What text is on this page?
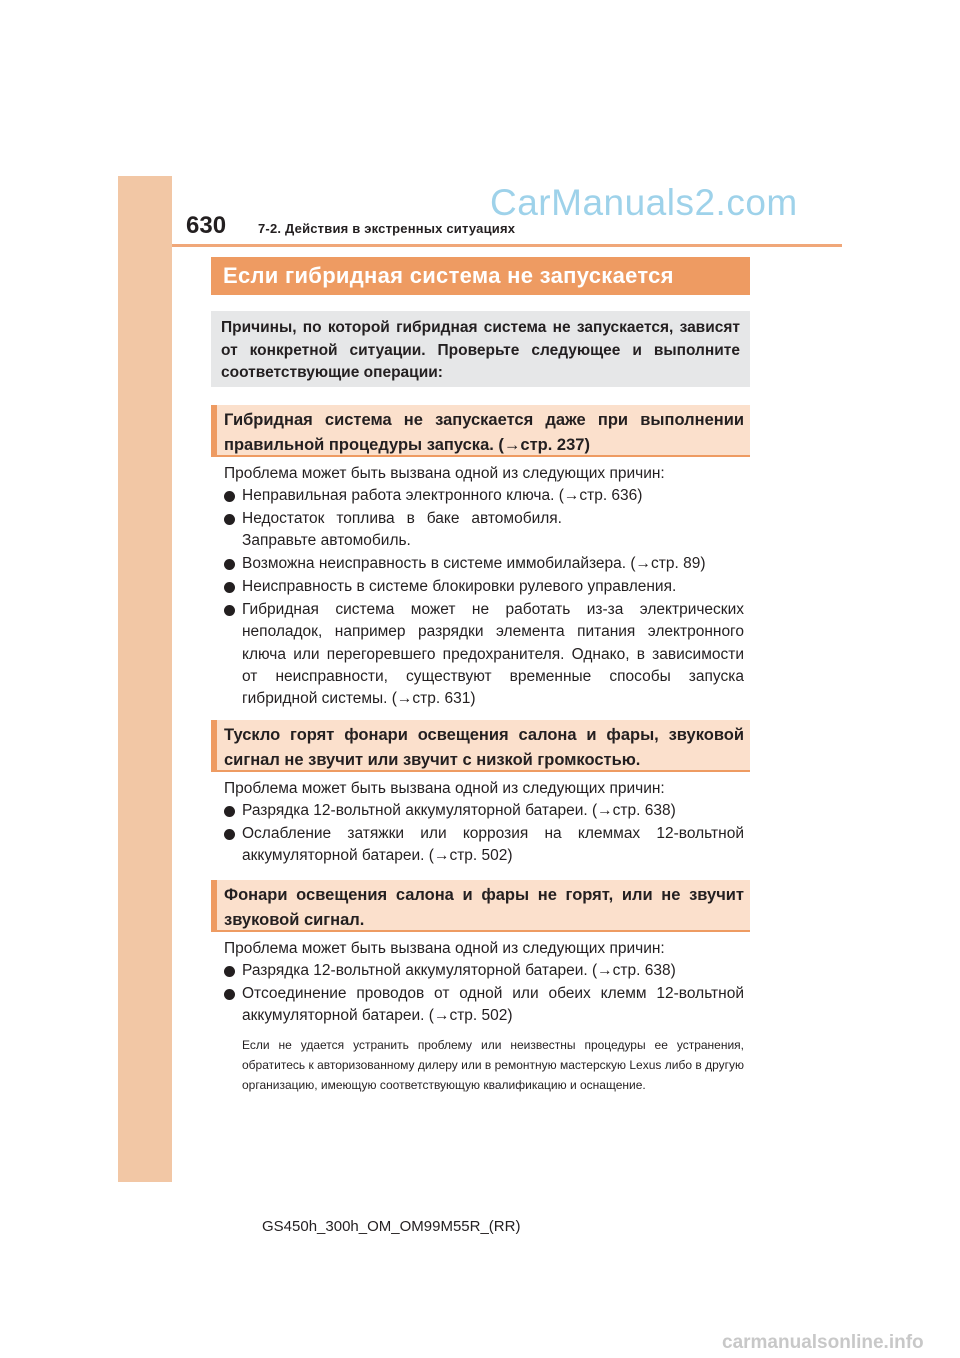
630 7-2. Действия в экстренных ситуациях
CarManuals2.com
Если гибридная система не запускается
Причины, по которой гибридная система не запускается, зависят от конкретной ситуации. Проверьте следующее и выполните соответствующие операции:
Гибридная система не запускается даже при выполнении правильной процедуры запуска. (→стр. 237)
Проблема может быть вызвана одной из следующих причин:
Неправильная работа электронного ключа. (→стр. 636)
Недостаток топлива в баке автомобиля. Заправьте автомобиль.
Возможна неисправность в системе иммобилайзера. (→стр. 89)
Неисправность в системе блокировки рулевого управления.
Гибридная система может не работать из-за электрических неполадок, например разрядки элемента питания электронного ключа или перегоревшего предохранителя. Однако, в зависимости от неисправности, существуют временные способы запуска гибридной системы. (→стр. 631)
Тускло горят фонари освещения салона и фары, звуковой сигнал не звучит или звучит с низкой громкостью.
Проблема может быть вызвана одной из следующих причин:
Разрядка 12-вольтной аккумуляторной батареи. (→стр. 638)
Ослабление затяжки или коррозия на клеммах 12-вольтной аккумуляторной батареи. (→стр. 502)
Фонари освещения салона и фары не горят, или не звучит звуковой сигнал.
Проблема может быть вызвана одной из следующих причин:
Разрядка 12-вольтной аккумуляторной батареи. (→стр. 638)
Отсоединение проводов от одной или обеих клемм 12-вольтной аккумуляторной батареи. (→стр. 502)
Если не удается устранить проблему или неизвестны процедуры ее устранения, обратитесь к авторизованному дилеру или в ремонтную мастерскую Lexus либо в другую организацию, имеющую соответствующую квалификацию и оснащение.
GS450h_300h_OM_OM99M55R_(RR)
carmanualsonline.info
